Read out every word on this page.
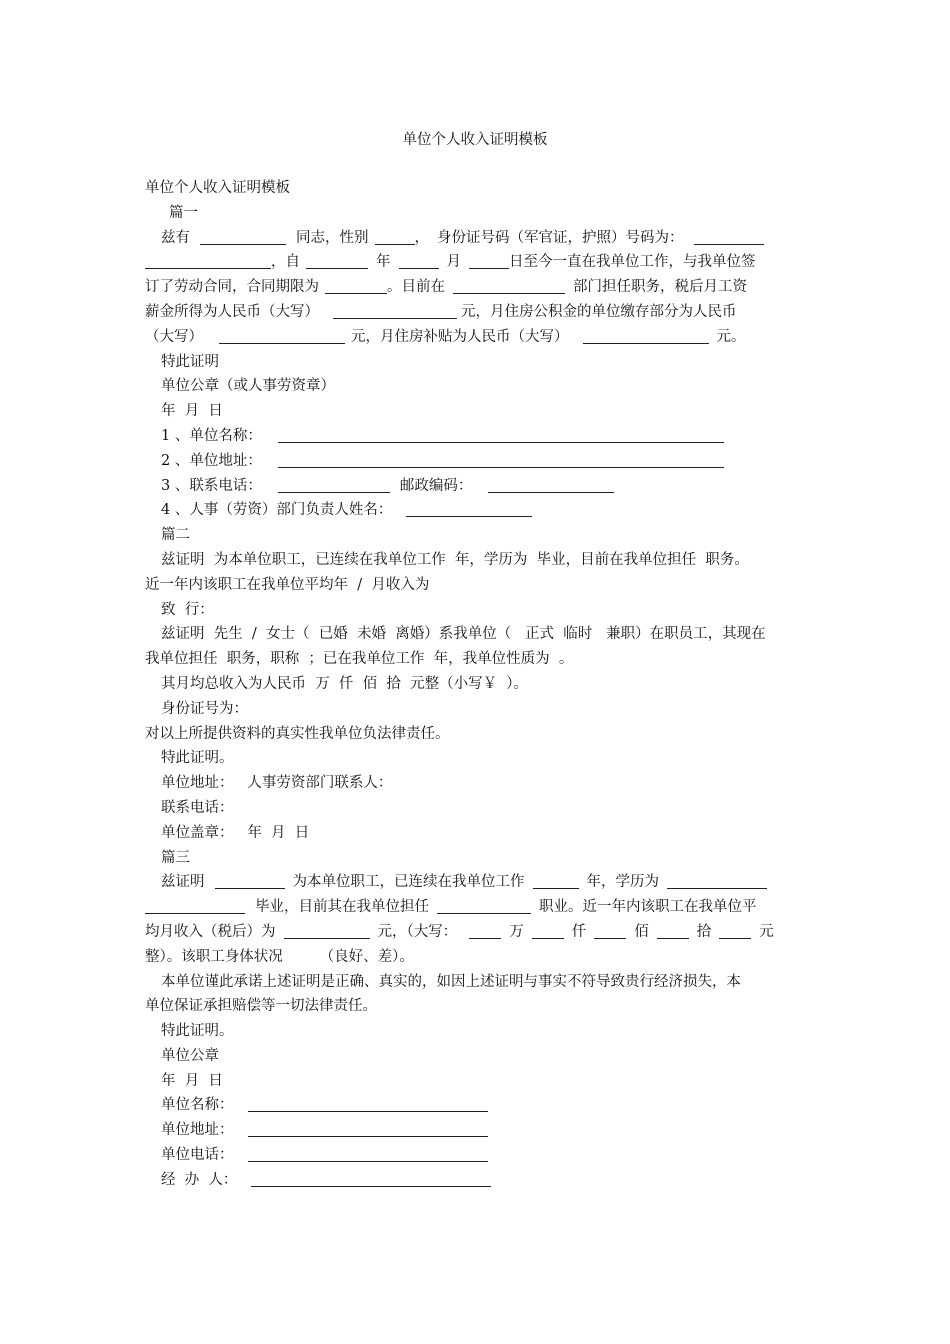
单位个人收入证明模板
单位个人收入证明模板
篇一
兹有	同志，性别	， 身份证号码（军官证，护照）号码为：
，自	年	月	日至今一直在我单位工作，与我单位签
订了劳动合同，合同期限为	。目前在	部门担任职务，税后月工资
薪金所得为人民币（大写）	元，月住房公积金的单位缴存部分为人民币
（大写）	元，月住房补贴为人民币（大写）	元。
特此证明
单位公章（或人事劳资章）
年  月  日
1 、单位名称：
2 、单位地址：
3 、联系电话：	邮政编码：
4 、人事（劳资）部门负责人姓名：
篇二
兹证明  为本单位职工，已连续在我单位工作  年，学历为  毕业，目前在我单位担任  职务。
近一年内该职工在我单位平均年  /  月收入为
致  行：
兹证明  先生  /  女士（  已婚  未婚  离婚）系我单位（   正式  临时   兼职）在职员工，其现在
我单位担任  职务，职称  ；已在我单位工作  年，我单位性质为  。
其月均总收入为人民币  万  仟  佰  拾  元整（小写￥  ）。
身份证号为：
对以上所提供资料的真实性我单位负法律责任。
特此证明。
单位地址：   人事劳资部门联系人：
联系电话：
单位盖章：   年  月  日
篇三
兹证明	为本单位职工，已连续在我单位工作	年，学历为
毕业，目前其在我单位担任	职业。近一年内该职工在我单位平
均月收入（税后）为	元，（大写：	万	仟	佰	拾	元
整）。该职工身体状况        （良好、差）。
本单位谨此承诺上述证明是正确、真实的，如因上述证明与事实不符导致贵行经济损失，本
单位保证承担赔偿等一切法律责任。
特此证明。
单位公章
年  月  日
单位名称：
单位地址：
单位电话：
经  办  人：
